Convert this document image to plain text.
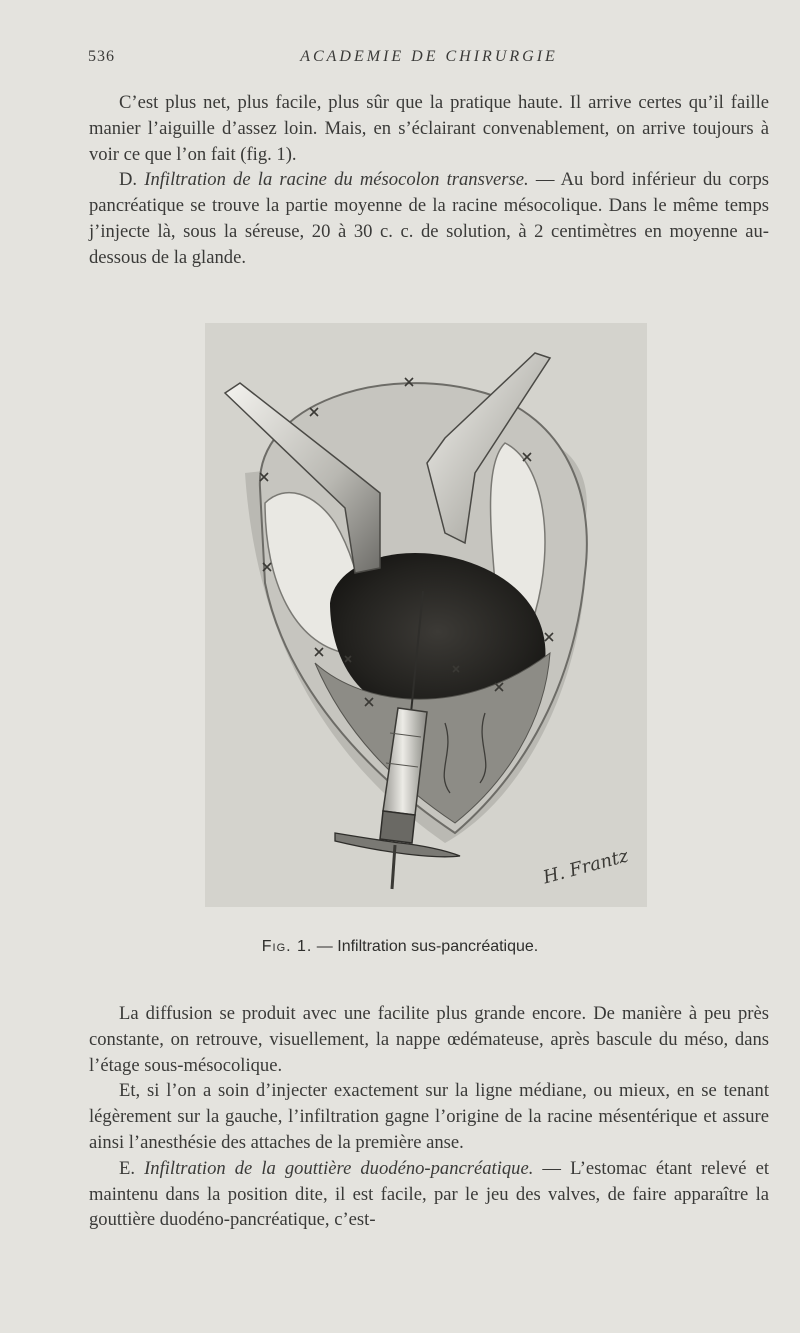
536	ACADEMIE DE CHIRURGIE

C’est plus net, plus facile, plus sûr que la pratique haute. Il arrive certes qu’il faille manier l’aiguille d’assez loin. Mais, en s’éclairant convenablement, on arrive toujours à voir ce que l’on fait (fig. 1).

D. Infiltration de la racine du mésocolon transverse. — Au bord inférieur du corps pancréatique se trouve la partie moyenne de la racine mésocolique. Dans le même temps j’injecte là, sous la séreuse, 20 à 30 c. c. de solution, à 2 centimètres en moyenne au-dessous de la glande.

H. Frantz
Fig. 1. — Infiltration sus-pancréatique.

La diffusion se produit avec une facilite plus grande encore. De manière à peu près constante, on retrouve, visuellement, la nappe œdémateuse, après bascule du méso, dans l’étage sous-mésocolique.

Et, si l’on a soin d’injecter exactement sur la ligne médiane, ou mieux, en se tenant légèrement sur la gauche, l’infiltration gagne l’origine de la racine mésentérique et assure ainsi l’anesthésie des attaches de la première anse.

E. Infiltration de la gouttière duodéno-pancréatique. — L’estomac étant relevé et maintenu dans la position dite, il est facile, par le jeu des valves, de faire apparaître la gouttière duodéno-pancréatique, c’est-
